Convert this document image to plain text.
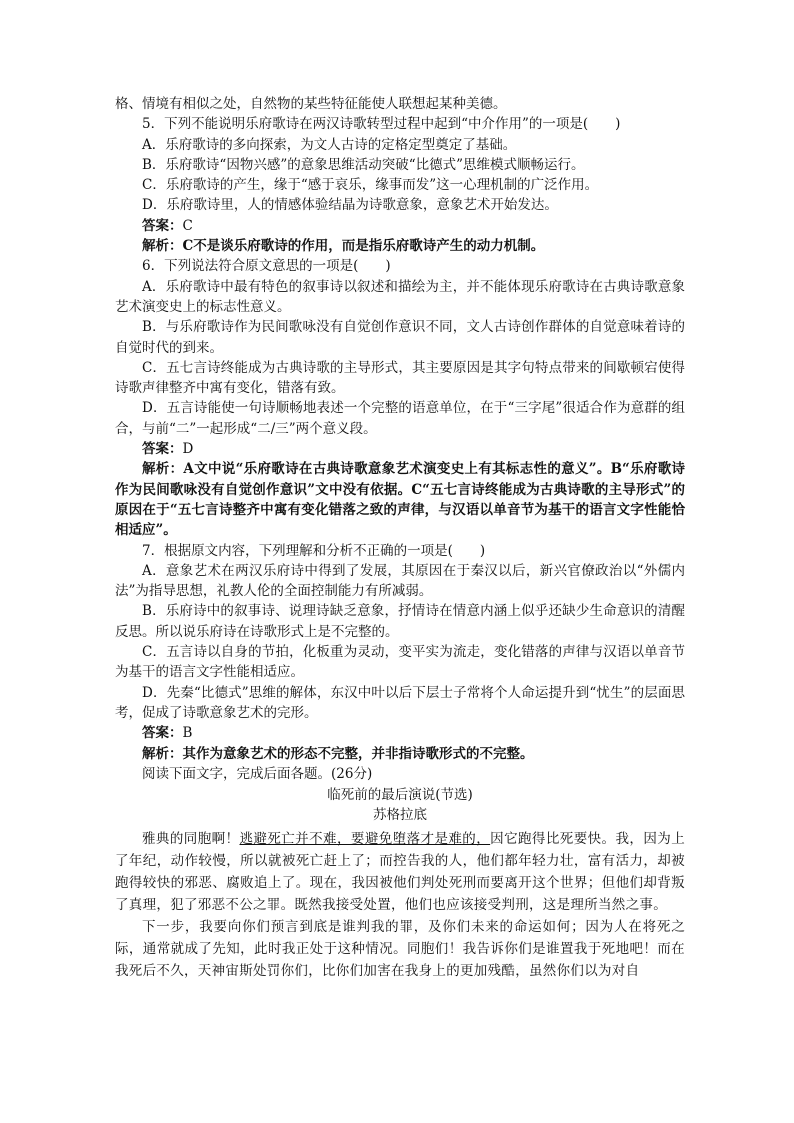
格、情境有相似之处，自然物的某些特征能使人联想起某种美德。

5．下列不能说明乐府歌诗在两汉诗歌转型过程中起到“中介作用”的一项是(　　)

A．乐府歌诗的多向探索，为文人古诗的定格定型奠定了基础。

B．乐府歌诗“因物兴感”的意象思维活动突破“比德式”思维模式顺畅运行。

C．乐府歌诗的产生，缘于“感于哀乐，缘事而发”这一心理机制的广泛作用。

D．乐府歌诗里，人的情感体验结晶为诗歌意象，意象艺术开始发达。

答案：C

解析：C不是谈乐府歌诗的作用，而是指乐府歌诗产生的动力机制。

6．下列说法符合原文意思的一项是(　　)

A．乐府歌诗中最有特色的叙事诗以叙述和描绘为主，并不能体现乐府歌诗在古典诗歌意象艺术演变史上的标志性意义。

B．与乐府歌诗作为民间歌咏没有自觉创作意识不同，文人古诗创作群体的自觉意味着诗的自觉时代的到来。

C．五七言诗终能成为古典诗歌的主导形式，其主要原因是其字句特点带来的间歇顿宕使得诗歌声律整齐中寓有变化，错落有致。

D．五言诗能使一句诗顺畅地表述一个完整的语意单位，在于“三字尾”很适合作为意群的组合，与前“二”一起形成“二/三”两个意义段。

答案：D

解析：A文中说“乐府歌诗在古典诗歌意象艺术演变史上有其标志性的意义”。B“乐府歌诗作为民间歌咏没有自觉创作意识”文中没有依据。C“五七言诗终能成为古典诗歌的主导形式”的原因在于“五七言诗整齐中寓有变化错落之致的声律，与汉语以单音节为基干的语言文字性能恰相适应”。

7．根据原文内容，下列理解和分析不正确的一项是(　　)

A．意象艺术在两汉乐府诗中得到了发展，其原因在于秦汉以后，新兴官僚政治以“外儒内法”为指导思想，礼教人伦的全面控制能力有所减弱。

B．乐府诗中的叙事诗、说理诗缺乏意象，抒情诗在情意内涵上似乎还缺少生命意识的清醒反思。所以说乐府诗在诗歌形式上是不完整的。

C．五言诗以自身的节拍，化板重为灵动，变平实为流走，变化错落的声律与汉语以单音节为基干的语言文字性能相适应。

D．先秦“比德式”思维的解体，东汉中叶以后下层士子常将个人命运提升到“忧生”的层面思考，促成了诗歌意象艺术的完形。

答案：B

解析：其作为意象艺术的形态不完整，并非指诗歌形式的不完整。

阅读下面文字，完成后面各题。(26分)

临死前的最后演说(节选)

苏格拉底

雅典的同胞啊！逃避死亡并不难，要避免堕落才是难的，因它跑得比死要快。我，因为上了年纪，动作较慢，所以就被死亡赶上了；而控告我的人，他们都年轻力壮，富有活力，却被跑得较快的邪恶、腐败追上了。现在，我因被他们判处死刑而要离开这个世界；但他们却背叛了真理，犯了邪恶不公之罪。既然我接受处置，他们也应该接受判刑，这是理所当然之事。

下一步，我要向你们预言到底是谁判我的罪，及你们未来的命运如何；因为人在将死之际，通常就成了先知，此时我正处于这种情况。同胞们！我告诉你们是谁置我于死地吧！而在我死后不久，天神宙斯处罚你们，比你们加害在我身上的更加残酷，虽然你们以为对自
